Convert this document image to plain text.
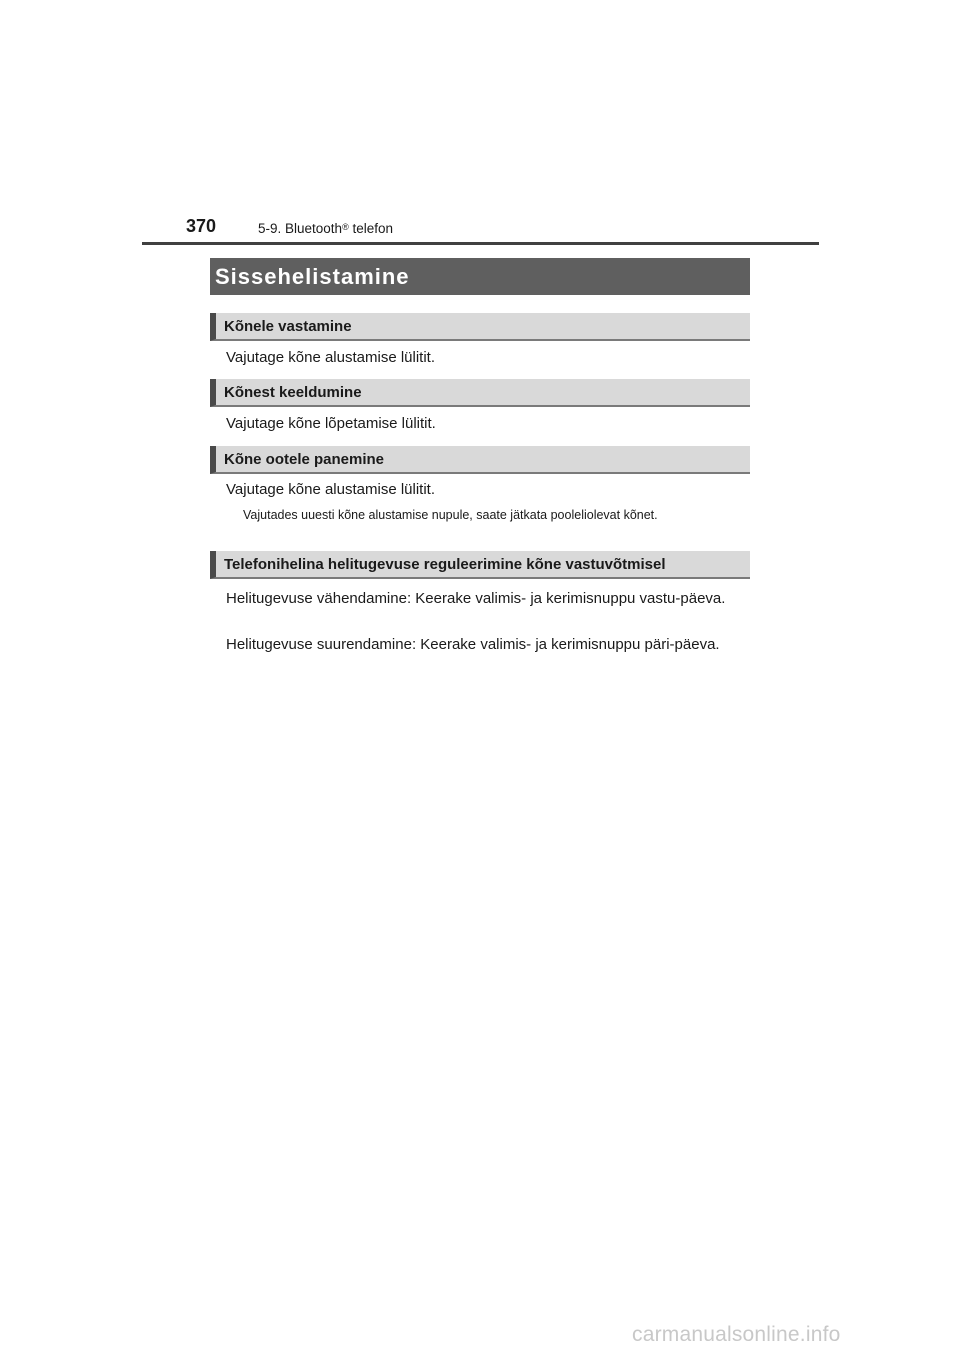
370	5-9. Bluetooth® telefon
Sissehelistamine
Kõnele vastamine
Vajutage kõne alustamise lülitit.
Kõnest keeldumine
Vajutage kõne lõpetamise lülitit.
Kõne ootele panemine
Vajutage kõne alustamise lülitit.
Vajutades uuesti kõne alustamise nupule, saate jätkata pooleliolevat kõnet.
Telefonihelina helitugevuse reguleerimine kõne vastuvõtmisel
Helitugevuse vähendamine: Keerake valimis- ja kerimisnuppu vastu-päeva.
Helitugevuse suurendamine: Keerake valimis- ja kerimisnuppu päri-päeva.
carmanualsonline.info
